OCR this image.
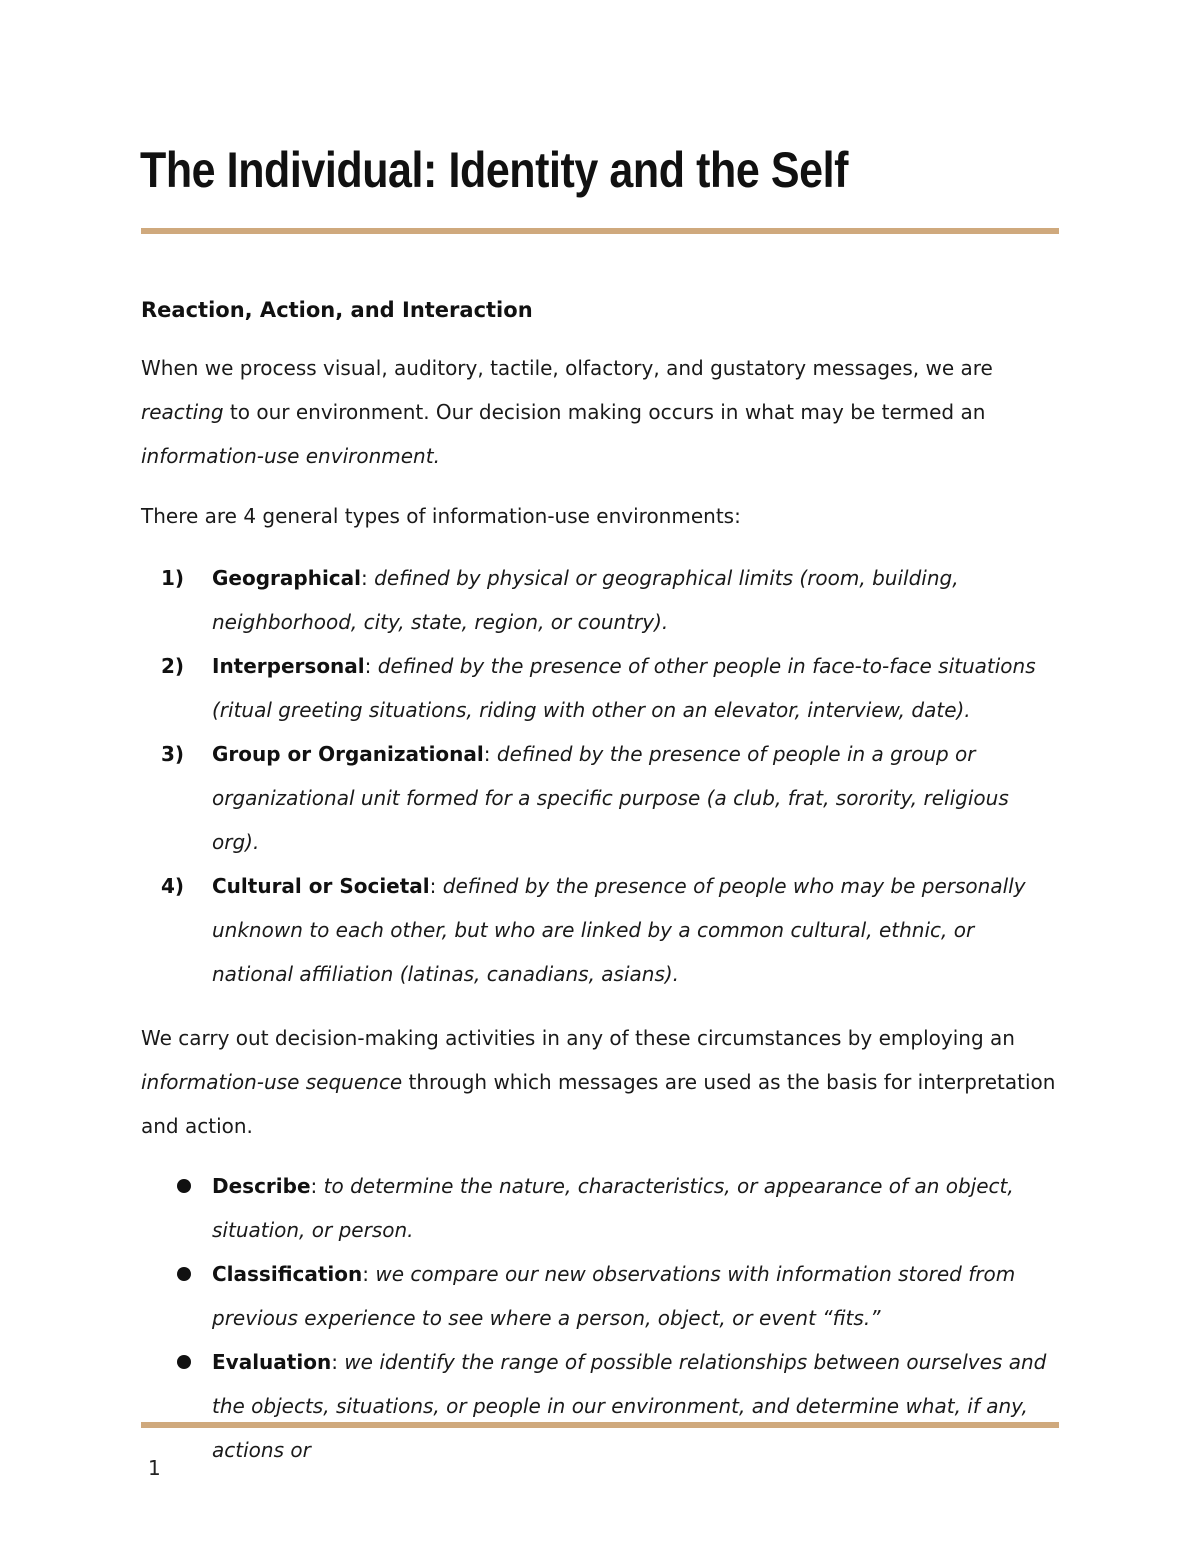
The Individual: Identity and the Self
Reaction, Action, and Interaction

When we process visual, auditory, tactile, olfactory, and gustatory messages, we are reacting to our environment. Our decision making occurs in what may be termed an information-use environment.

There are 4 general types of information-use environments:

1) Geographical: defined by physical or geographical limits (room, building, neighborhood, city, state, region, or country).
2) Interpersonal: defined by the presence of other people in face-to-face situations (ritual greeting situations, riding with other on an elevator, interview, date).
3) Group or Organizational: defined by the presence of people in a group or organizational unit formed for a specific purpose (a club, frat, sorority, religious org).
4) Cultural or Societal: defined by the presence of people who may be personally unknown to each other, but who are linked by a common cultural, ethnic, or national affiliation (latinas, canadians, asians).

We carry out decision-making activities in any of these circumstances by employing an information-use sequence through which messages are used as the basis for interpretation and action.

Describe: to determine the nature, characteristics, or appearance of an object, situation, or person.
Classification: we compare our new observations with information stored from previous experience to see where a person, object, or event “fits.”
Evaluation: we identify the range of possible relationships between ourselves and the objects, situations, or people in our environment, and determine what, if any, actions or
1
